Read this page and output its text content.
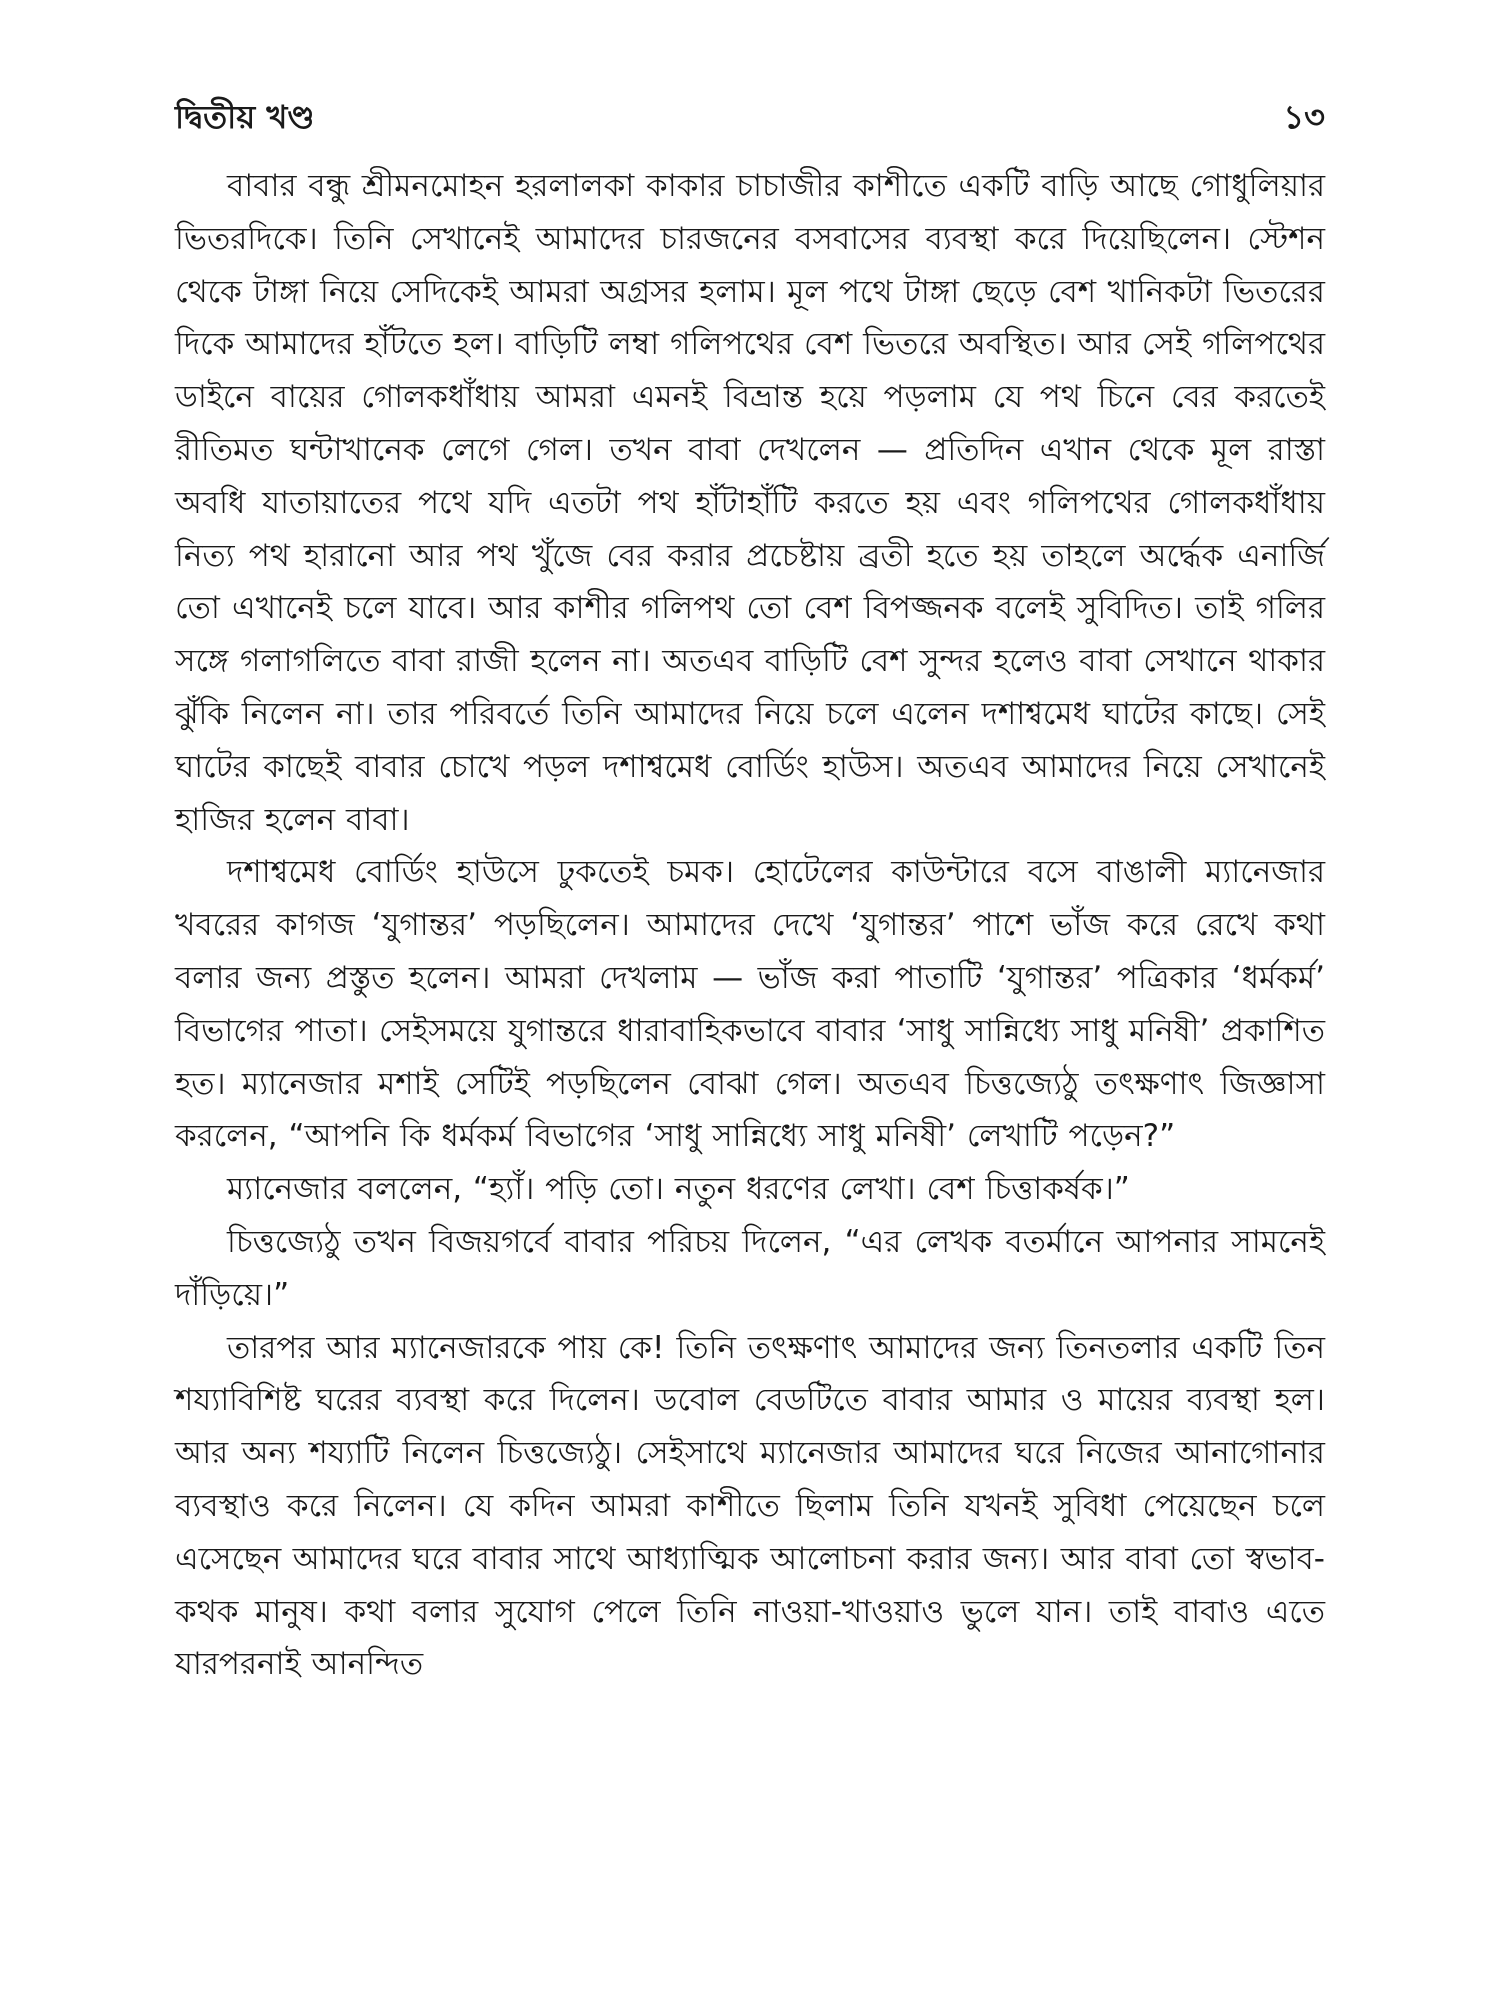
দ্বিতীয় খণ্ড	১৩

বাবার বন্ধু শ্রীমনমোহন হরলালকা কাকার চাচাজীর কাশীতে একটি বাড়ি আছে গোধুলিয়ার ভিতরদিকে। তিনি সেখানেই আমাদের চারজনের বসবাসের ব্যবস্থা করে দিয়েছিলেন। স্টেশন থেকে টাঙ্গা নিয়ে সেদিকেই আমরা অগ্রসর হলাম। মূল পথে টাঙ্গা ছেড়ে বেশ খানিকটা ভিতরের দিকে আমাদের হাঁটতে হল। বাড়িটি লম্বা গলিপথের বেশ ভিতরে অবস্থিত। আর সেই গলিপথের ডাইনে বায়ের গোলকধাঁধায় আমরা এমনই বিভ্রান্ত হয়ে পড়লাম যে পথ চিনে বের করতেই রীতিমত ঘন্টাখানেক লেগে গেল। তখন বাবা দেখলেন — প্রতিদিন এখান থেকে মূল রাস্তা অবধি যাতায়াতের পথে যদি এতটা পথ হাঁটাহাঁটি করতে হয় এবং গলিপথের গোলকধাঁধায় নিত্য পথ হারানো আর পথ খুঁজে বের করার প্রচেষ্টায় ব্রতী হতে হয় তাহলে অর্দ্ধেক এনার্জি তো এখানেই চলে যাবে। আর কাশীর গলিপথ তো বেশ বিপজ্জনক বলেই সুবিদিত। তাই গলির সঙ্গে গলাগলিতে বাবা রাজী হলেন না। অতএব বাড়িটি বেশ সুন্দর হলেও বাবা সেখানে থাকার ঝুঁকি নিলেন না। তার পরিবর্তে তিনি আমাদের নিয়ে চলে এলেন দশাশ্বমেধ ঘাটের কাছে। সেই ঘাটের কাছেই বাবার চোখে পড়ল দশাশ্বমেধ বোর্ডিং হাউস। অতএব আমাদের নিয়ে সেখানেই হাজির হলেন বাবা।

দশাশ্বমেধ বোর্ডিং হাউসে ঢুকতেই চমক। হোটেলের কাউন্টারে বসে বাঙালী ম্যানেজার খবরের কাগজ ‘যুগান্তর’ পড়ছিলেন। আমাদের দেখে ‘যুগান্তর’ পাশে ভাঁজ করে রেখে কথা বলার জন্য প্রস্তুত হলেন। আমরা দেখলাম — ভাঁজ করা পাতাটি ‘যুগান্তর’ পত্রিকার ‘ধর্মকর্ম’ বিভাগের পাতা। সেইসময়ে যুগান্তরে ধারাবাহিকভাবে বাবার ‘সাধু সান্নিধ্যে সাধু মনিষী’ প্রকাশিত হত। ম্যানেজার মশাই সেটিই পড়ছিলেন বোঝা গেল। অতএব চিত্তজ্যেঠু তৎক্ষণাৎ জিজ্ঞাসা করলেন, “আপনি কি ধর্মকর্ম বিভাগের ‘সাধু সান্নিধ্যে সাধু মনিষী’ লেখাটি পড়েন?”

ম্যানেজার বললেন, “হ্যাঁ। পড়ি তো। নতুন ধরণের লেখা। বেশ চিত্তাকর্ষক।”

চিত্তজ্যেঠু তখন বিজয়গর্বে বাবার পরিচয় দিলেন, “এর লেখক বতর্মানে আপনার সামনেই দাঁড়িয়ে।”

তারপর আর ম্যানেজারকে পায় কে! তিনি তৎক্ষণাৎ আমাদের জন্য তিনতলার একটি তিন শয্যাবিশিষ্ট ঘরের ব্যবস্থা করে দিলেন। ডবোল বেডটিতে বাবার আমার ও মায়ের ব্যবস্থা হল। আর অন্য শয্যাটি নিলেন চিত্তজ্যেঠু। সেইসাথে ম্যানেজার আমাদের ঘরে নিজের আনাগোনার ব্যবস্থাও করে নিলেন। যে কদিন আমরা কাশীতে ছিলাম তিনি যখনই সুবিধা পেয়েছেন চলে এসেছেন আমাদের ঘরে বাবার সাথে আধ্যাত্মিক আলোচনা করার জন্য। আর বাবা তো স্বভাব-কথক মানুষ। কথা বলার সুযোগ পেলে তিনি নাওয়া-খাওয়াও ভুলে যান। তাই বাবাও এতে যারপরনাই আনন্দিত
